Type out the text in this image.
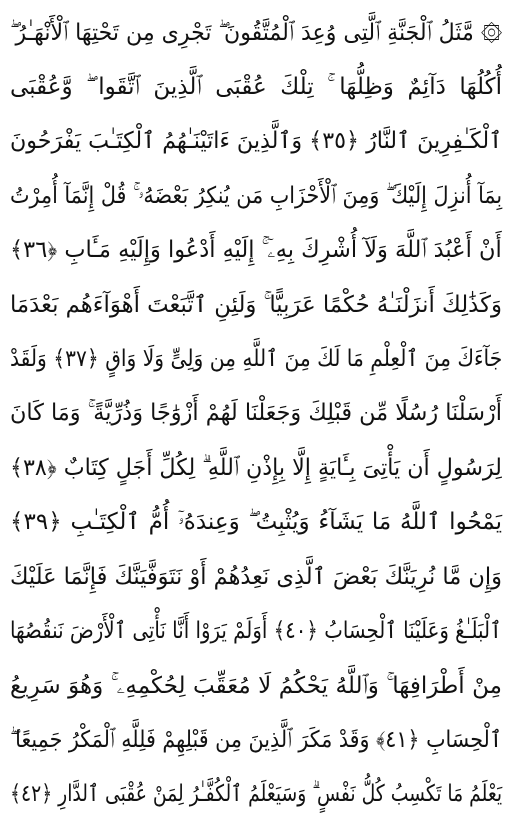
۞ مَّثَلُ ٱلْجَنَّةِ ٱلَّتِى وُعِدَ ٱلْمُتَّقُونَ ۖ تَجْرِى مِن تَحْتِهَا ٱلْأَنْهَـٰرُ ۖ
أُكُلُهَا دَآئِمٌ وَظِلُّهَا ۚ تِلْكَ عُقْبَى ٱلَّذِينَ ٱتَّقَوا ۖ وَّعُقْبَى
ٱلْكَـٰفِرِينَ ٱلنَّارُ ﴿٣٥﴾ وَٱلَّذِينَ ءَاتَيْنَـٰهُمُ ٱلْكِتَـٰبَ يَفْرَحُونَ
بِمَآ أُنزِلَ إِلَيْكَ ۖ وَمِنَ ٱلْأَحْزَابِ مَن يُنكِرُ بَعْضَهُۥ ۚ قُلْ إِنَّمَآ أُمِرْتُ
أَنْ أَعْبُدَ ٱللَّهَ وَلَآ أُشْرِكَ بِهِۦٓ ۚ إِلَيْهِ أَدْعُوا وَإِلَيْهِ مَـَٔابِ ﴿٣٦﴾
وَكَذَٰلِكَ أَنزَلْنَـٰهُ حُكْمًا عَرَبِيًّا ۚ وَلَئِنِ ٱتَّبَعْتَ أَهْوَآءَهُم بَعْدَمَا
جَآءَكَ مِنَ ٱلْعِلْمِ مَا لَكَ مِنَ ٱللَّهِ مِن وَلِىٍّ وَلَا وَاقٍ ﴿٣٧﴾ وَلَقَدْ
أَرْسَلْنَا رُسُلًا مِّن قَبْلِكَ وَجَعَلْنَا لَهُمْ أَزْوَٰجًا وَذُرِّيَّةً ۚ وَمَا كَانَ
لِرَسُولٍ أَن يَأْتِىَ بِـَٔايَةٍ إِلَّا بِإِذْنِ ٱللَّهِ ۗ لِكُلِّ أَجَلٍ كِتَابٌ ﴿٣٨﴾
يَمْحُوا ٱللَّهُ مَا يَشَآءُ وَيُثْبِتُ ۖ وَعِندَهُۥٓ أُمُّ ٱلْكِتَـٰبِ ﴿٣٩﴾
وَإِن مَّا نُرِيَنَّكَ بَعْضَ ٱلَّذِى نَعِدُهُمْ أَوْ نَتَوَفَّيَنَّكَ فَإِنَّمَا عَلَيْكَ
ٱلْبَلَـٰغُ وَعَلَيْنَا ٱلْحِسَابُ ﴿٤٠﴾ أَوَلَمْ يَرَوْا أَنَّا نَأْتِى ٱلْأَرْضَ نَنقُصُهَا
مِنْ أَطْرَافِهَا ۚ وَٱللَّهُ يَحْكُمُ لَا مُعَقِّبَ لِحُكْمِهِۦ ۚ وَهُوَ سَرِيعُ
ٱلْحِسَابِ ﴿٤١﴾ وَقَدْ مَكَرَ ٱلَّذِينَ مِن قَبْلِهِمْ فَلِلَّهِ ٱلْمَكْرُ جَمِيعًا ۖ
يَعْلَمُ مَا تَكْسِبُ كُلُّ نَفْسٍ ۗ وَسَيَعْلَمُ ٱلْكُفَّـٰرُ لِمَنْ عُقْبَى ٱلدَّارِ ﴿٤٢﴾
